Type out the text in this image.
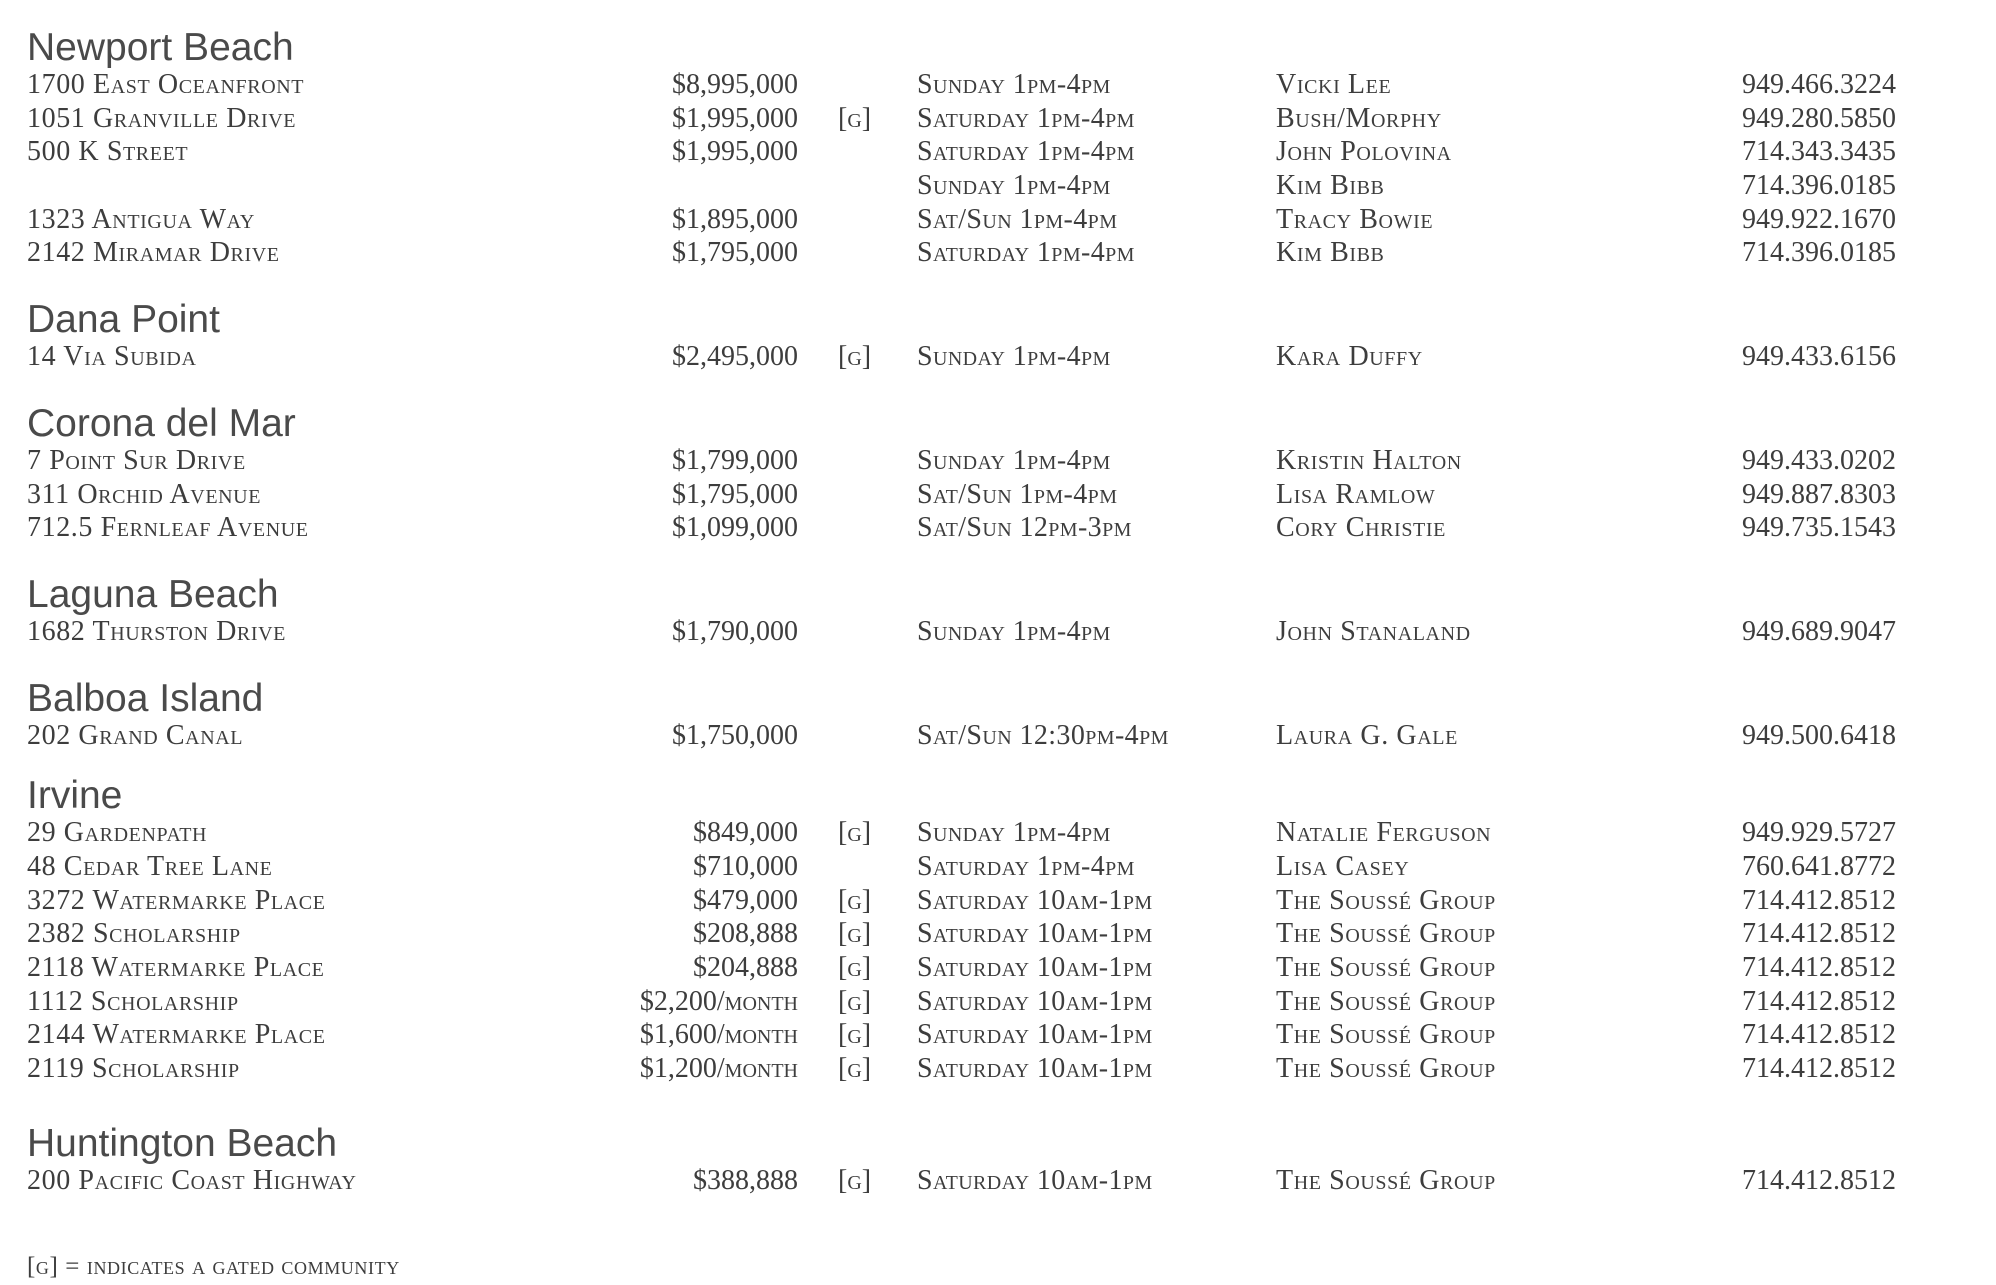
Newport Beach
1700 East Oceanfront	$8,995,000	Sunday 1pm-4pm	Vicki Lee	949.466.3224
1051 Granville Drive	$1,995,000 [g] Saturday 1pm-4pm	Bush/Morphy	949.280.5850
500 K Street	$1,995,000	Saturday 1pm-4pm	John Polovina	714.343.3435
Sunday 1pm-4pm	Kim Bibb	714.396.0185
1323 Antigua Way	$1,895,000	Sat/Sun 1pm-4pm	Tracy Bowie	949.922.1670
2142 Miramar Drive	$1,795,000	Saturday 1pm-4pm	Kim Bibb	714.396.0185
Dana Point
14 Via Subida	$2,495,000 [g] Sunday 1pm-4pm	Kara Duffy	949.433.6156
Corona del Mar
7 Point Sur Drive	$1,799,000	Sunday 1pm-4pm	Kristin Halton	949.433.0202
311 Orchid Avenue	$1,795,000	Sat/Sun 1pm-4pm	Lisa Ramlow	949.887.8303
712.5 Fernleaf Avenue	$1,099,000	Sat/Sun 12pm-3pm	Cory Christie	949.735.1543
Laguna Beach
1682 Thurston Drive	$1,790,000	Sunday 1pm-4pm	John Stanaland	949.689.9047
Balboa Island
202 Grand Canal	$1,750,000	Sat/Sun 12:30pm-4pm	Laura G. Gale	949.500.6418
Irvine
29 Gardenpath	$849,000 [g] Sunday 1pm-4pm	Natalie Ferguson	949.929.5727
48 Cedar Tree Lane	$710,000	Saturday 1pm-4pm	Lisa Casey	760.641.8772
3272 Watermarke Place	$479,000 [g] Saturday 10am-1pm	The Soussé Group	714.412.8512
2382 Scholarship	$208,888 [g] Saturday 10am-1pm	The Soussé Group	714.412.8512
2118 Watermarke Place	$204,888 [g] Saturday 10am-1pm	The Soussé Group	714.412.8512
1112 Scholarship	$2,200/month [g] Saturday 10am-1pm	The Soussé Group	714.412.8512
2144 Watermarke Place	$1,600/month [g] Saturday 10am-1pm	The Soussé Group	714.412.8512
2119 Scholarship	$1,200/month [g] Saturday 10am-1pm	The Soussé Group	714.412.8512
Huntington Beach
200 Pacific Coast Highway	$388,888 [g] Saturday 10am-1pm	The Soussé Group	714.412.8512
[g] = indicates a gated community
